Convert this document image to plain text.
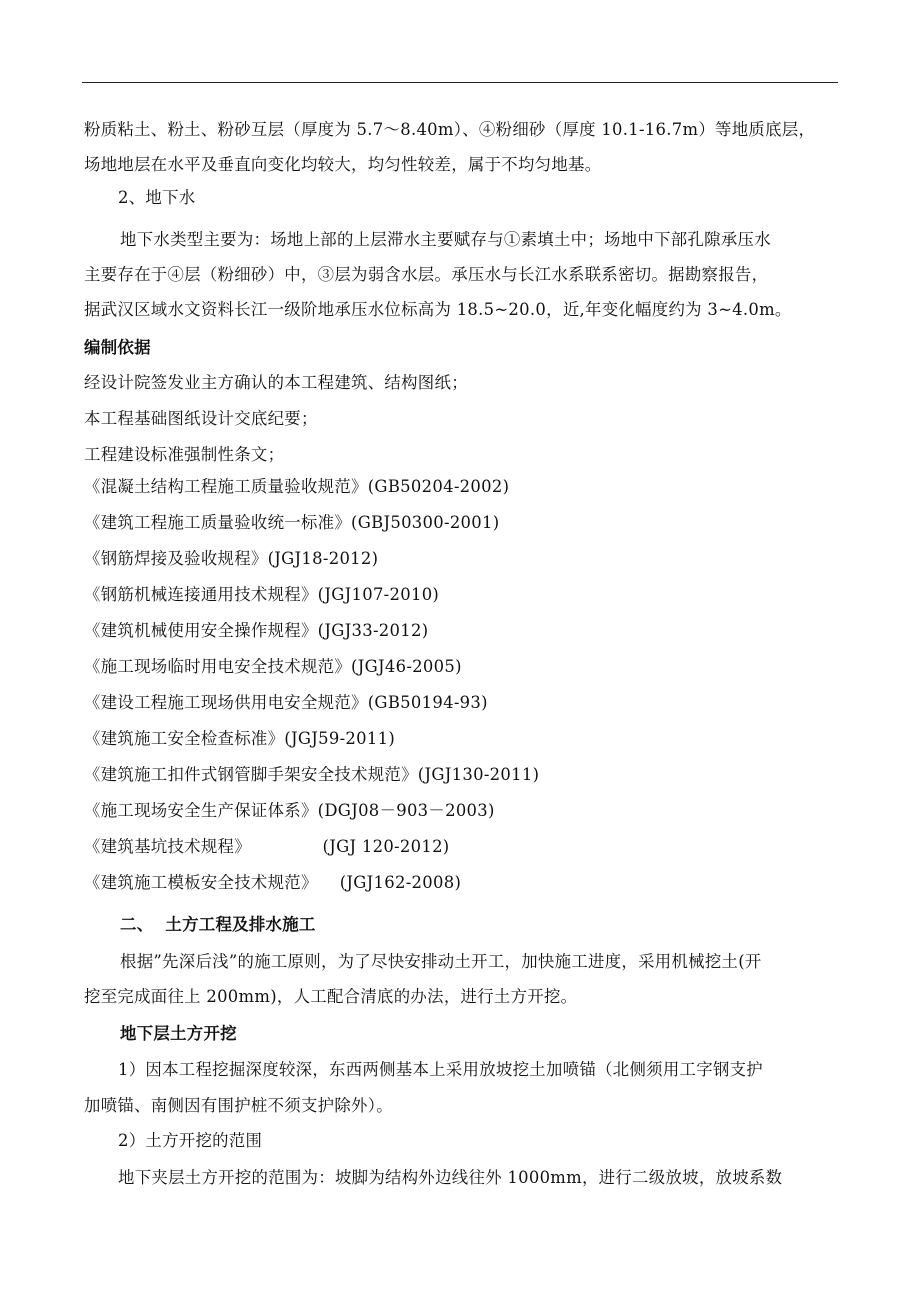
粉质粘土、粉土、粉砂互层（厚度为 5.7～8.40m）、④粉细砂（厚度 10.1-16.7m）等地质底层，
场地地层在水平及垂直向变化均较大，均匀性较差，属于不均匀地基。
2、地下水
地下水类型主要为：场地上部的上层滞水主要赋存与①素填土中；场地中下部孔隙承压水
主要存在于④层（粉细砂）中，③层为弱含水层。承压水与长江水系联系密切。据勘察报告，
据武汉区域水文资料长江一级阶地承压水位标高为 18.5~20.0，近,年变化幅度约为 3~4.0m。
编制依据
经设计院签发业主方确认的本工程建筑、结构图纸；
本工程基础图纸设计交底纪要；
工程建设标准强制性条文；
《混凝土结构工程施工质量验收规范》(GB50204-2002)
《建筑工程施工质量验收统一标准》(GBJ50300-2001)
《钢筋焊接及验收规程》(JGJ18-2012)
《钢筋机械连接通用技术规程》(JGJ107-2010)
《建筑机械使用安全操作规程》(JGJ33-2012)
《施工现场临时用电安全技术规范》(JGJ46-2005)
《建设工程施工现场供用电安全规范》(GB50194-93)
《建筑施工安全检查标准》(JGJ59-2011)
《建筑施工扣件式钢管脚手架安全技术规范》(JGJ130-2011)
《施工现场安全生产保证体系》(DGJ08－903－2003)
《建筑基坑技术规程》             (JGJ 120-2012)
《建筑施工模板安全技术规范》    (JGJ162-2008)
二、  土方工程及排水施工
根据”先深后浅”的施工原则，为了尽快安排动土开工，加快施工进度，采用机械挖土(开
挖至完成面往上 200mm)，人工配合清底的办法，进行土方开挖。
地下层土方开挖
1）因本工程挖掘深度较深，东西两侧基本上采用放坡挖土加喷锚（北侧须用工字钢支护
加喷锚、南侧因有围护桩不须支护除外）。
2）土方开挖的范围
地下夹层土方开挖的范围为：坡脚为结构外边线往外 1000mm，进行二级放坡，放坡系数
